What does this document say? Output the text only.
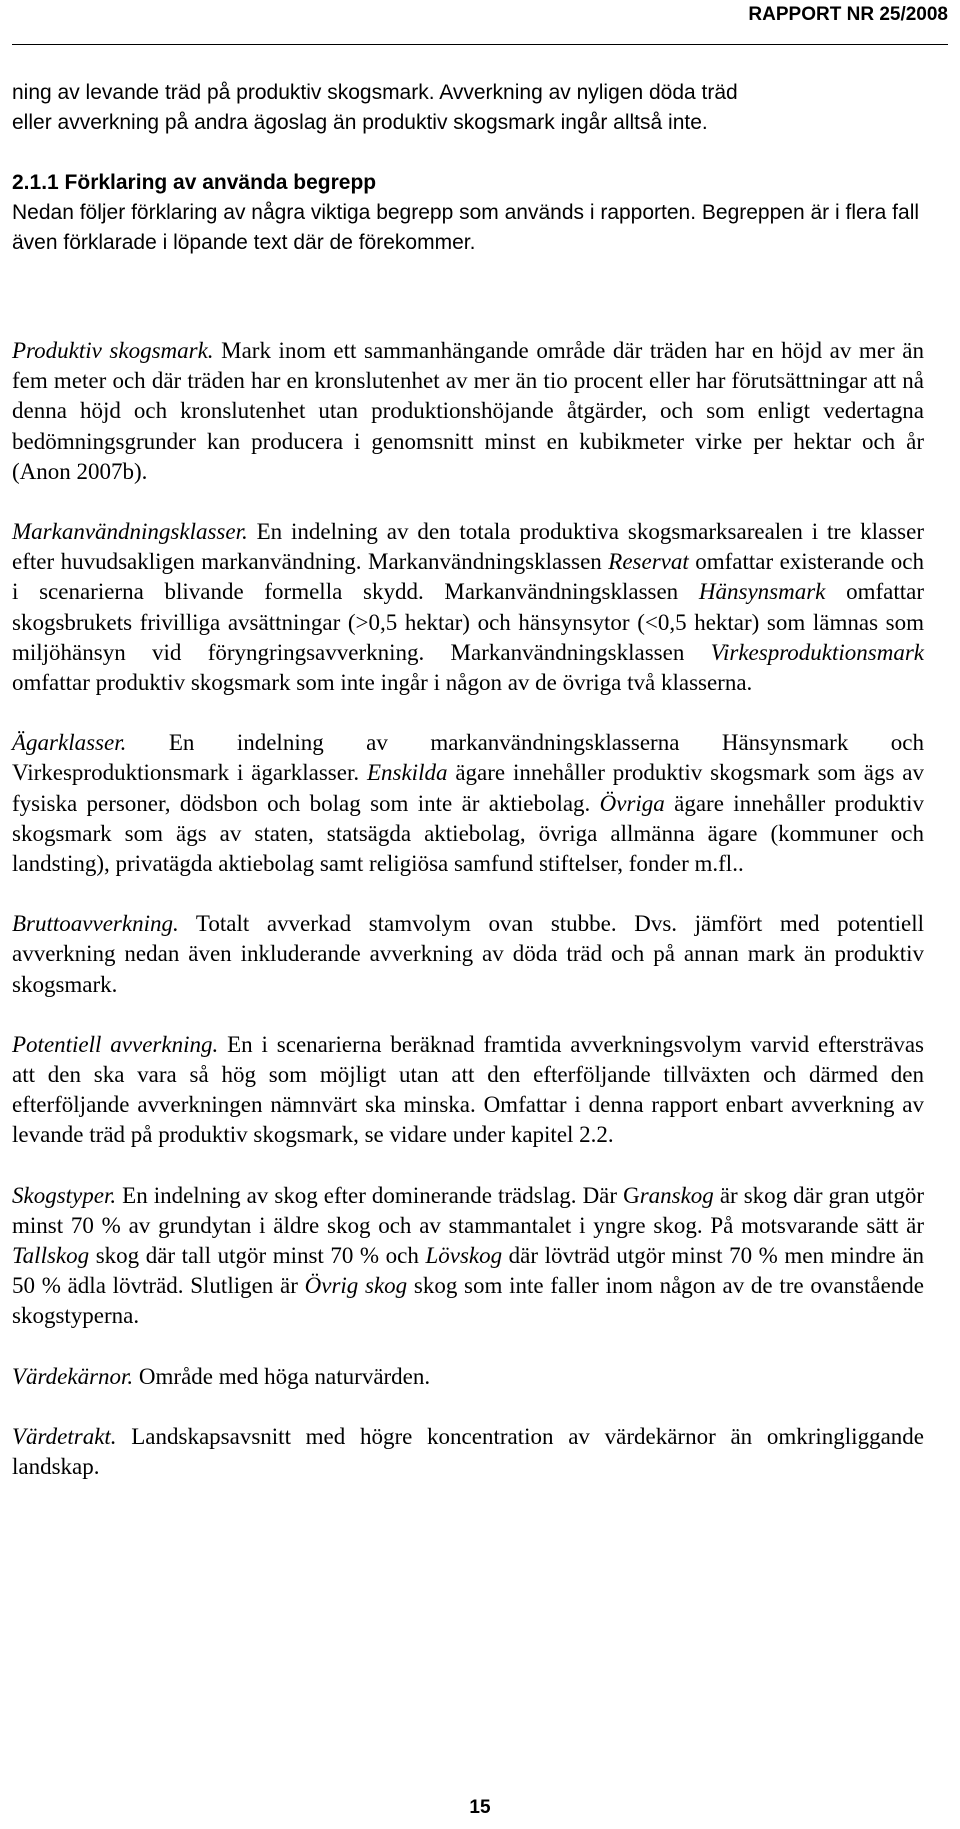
RAPPORT NR 25/2008

ning av levande träd på produktiv skogsmark. Avverkning av nyligen döda träd
eller avverkning på andra ägoslag än produktiv skogsmark ingår alltså inte.

2.1.1 Förklaring av använda begrepp
Nedan följer förklaring av några viktiga begrepp som används i rapporten. Begreppen är i flera fall även förklarade i löpande text där de förekommer.

Produktiv skogsmark. Mark inom ett sammanhängande område där träden har en höjd av mer än fem meter och där träden har en kronslutenhet av mer än tio procent eller har förutsättningar att nå denna höjd och kronslutenhet utan produktionshöjande åtgärder, och som enligt vedertagna bedömningsgrunder kan producera i genomsnitt minst en kubikmeter virke per hektar och år (Anon 2007b).

Markanvändningsklasser. En indelning av den totala produktiva skogsmarksarealen i tre klasser efter huvudsakligen markanvändning. Markanvändningsklassen Reservat omfattar existerande och i scenarierna blivande formella skydd. Markanvändningsklassen Hänsynsmark omfattar skogsbrukets frivilliga avsättningar (>0,5 hektar) och hänsynsytor (<0,5 hektar) som lämnas som miljöhänsyn vid föryngringsavverkning. Markanvändningsklassen Virkesproduktionsmark omfattar produktiv skogsmark som inte ingår i någon av de övriga två klasserna.

Ägarklasser. En indelning av markanvändningsklasserna Hänsynsmark och Virkesproduktionsmark i ägarklasser. Enskilda ägare innehåller produktiv skogsmark som ägs av fysiska personer, dödsbon och bolag som inte är aktiebolag. Övriga ägare innehåller produktiv skogsmark som ägs av staten, statsägda aktiebolag, övriga allmänna ägare (kommuner och landsting), privatägda aktiebolag samt religiösa samfund stiftelser, fonder m.fl..

Bruttoavverkning. Totalt avverkad stamvolym ovan stubbe. Dvs. jämfört med potentiell avverkning nedan även inkluderande avverkning av döda träd och på annan mark än produktiv skogsmark.

Potentiell avverkning. En i scenarierna beräknad framtida avverkningsvolym varvid eftersträvas att den ska vara så hög som möjligt utan att den efterföljande tillväxten och därmed den efterföljande avverkningen nämnvärt ska minska. Omfattar i denna rapport enbart avverkning av levande träd på produktiv skogsmark, se vidare under kapitel 2.2.

Skogstyper. En indelning av skog efter dominerande trädslag. Där Granskog är skog där gran utgör minst 70 % av grundytan i äldre skog och av stammantalet i yngre skog. På motsvarande sätt är Tallskog skog där tall utgör minst 70 % och Lövskog där lövträd utgör minst 70 % men mindre än 50 % ädla lövträd. Slutligen är Övrig skog skog som inte faller inom någon av de tre ovanstående skogstyperna.

Värdekärnor. Område med höga naturvärden.

Värdetrakt. Landskapsavsnitt med högre koncentration av värdekärnor än omkringliggande landskap.

15
